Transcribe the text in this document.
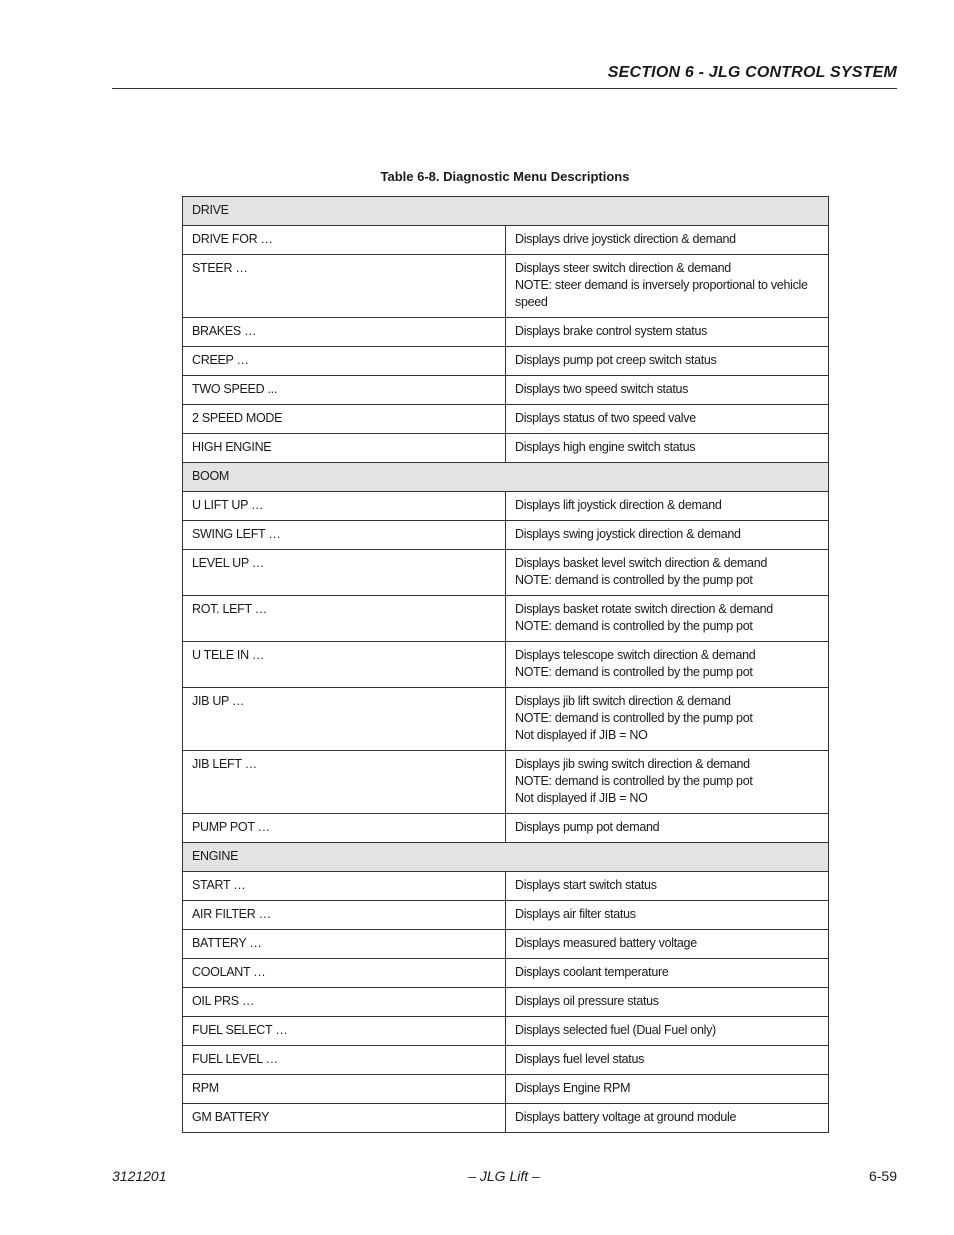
SECTION 6 - JLG CONTROL SYSTEM
Table 6-8. Diagnostic Menu Descriptions
DRIVE	
DRIVE FOR …	Displays drive joystick direction & demand

STEER …	Displays steer switch direction & demand
NOTE: steer demand is inversely proportional to vehicle speed

BRAKES …	Displays brake control system status

CREEP …	Displays pump pot creep switch status

TWO SPEED ...	Displays two speed switch status

2 SPEED MODE	Displays status of two speed valve

HIGH ENGINE	Displays high engine switch status

BOOM	
U LIFT UP …	Displays lift joystick direction & demand

SWING LEFT …	Displays swing joystick direction & demand

LEVEL UP …	Displays basket level switch direction & demand
NOTE: demand is controlled by the pump pot

ROT. LEFT …	Displays basket rotate switch direction & demand
NOTE: demand is controlled by the pump pot

U TELE IN …	Displays telescope switch direction & demand
NOTE: demand is controlled by the pump pot

JIB UP …	Displays jib lift switch direction & demand
NOTE: demand is controlled by the pump pot
Not displayed if JIB = NO

JIB LEFT …	Displays jib swing switch direction & demand
NOTE: demand is controlled by the pump pot
Not displayed if JIB = NO

PUMP POT …	Displays pump pot demand

ENGINE	
START …	Displays start switch status

AIR FILTER …	Displays air filter status

BATTERY …	Displays measured battery voltage

COOLANT …	Displays coolant temperature

OIL PRS …	Displays oil pressure status

FUEL SELECT …	Displays selected fuel (Dual Fuel only)

FUEL LEVEL …	Displays fuel level status

RPM	Displays Engine RPM

GM BATTERY	Displays battery voltage at ground module
3121201	– JLG Lift –	6-59
